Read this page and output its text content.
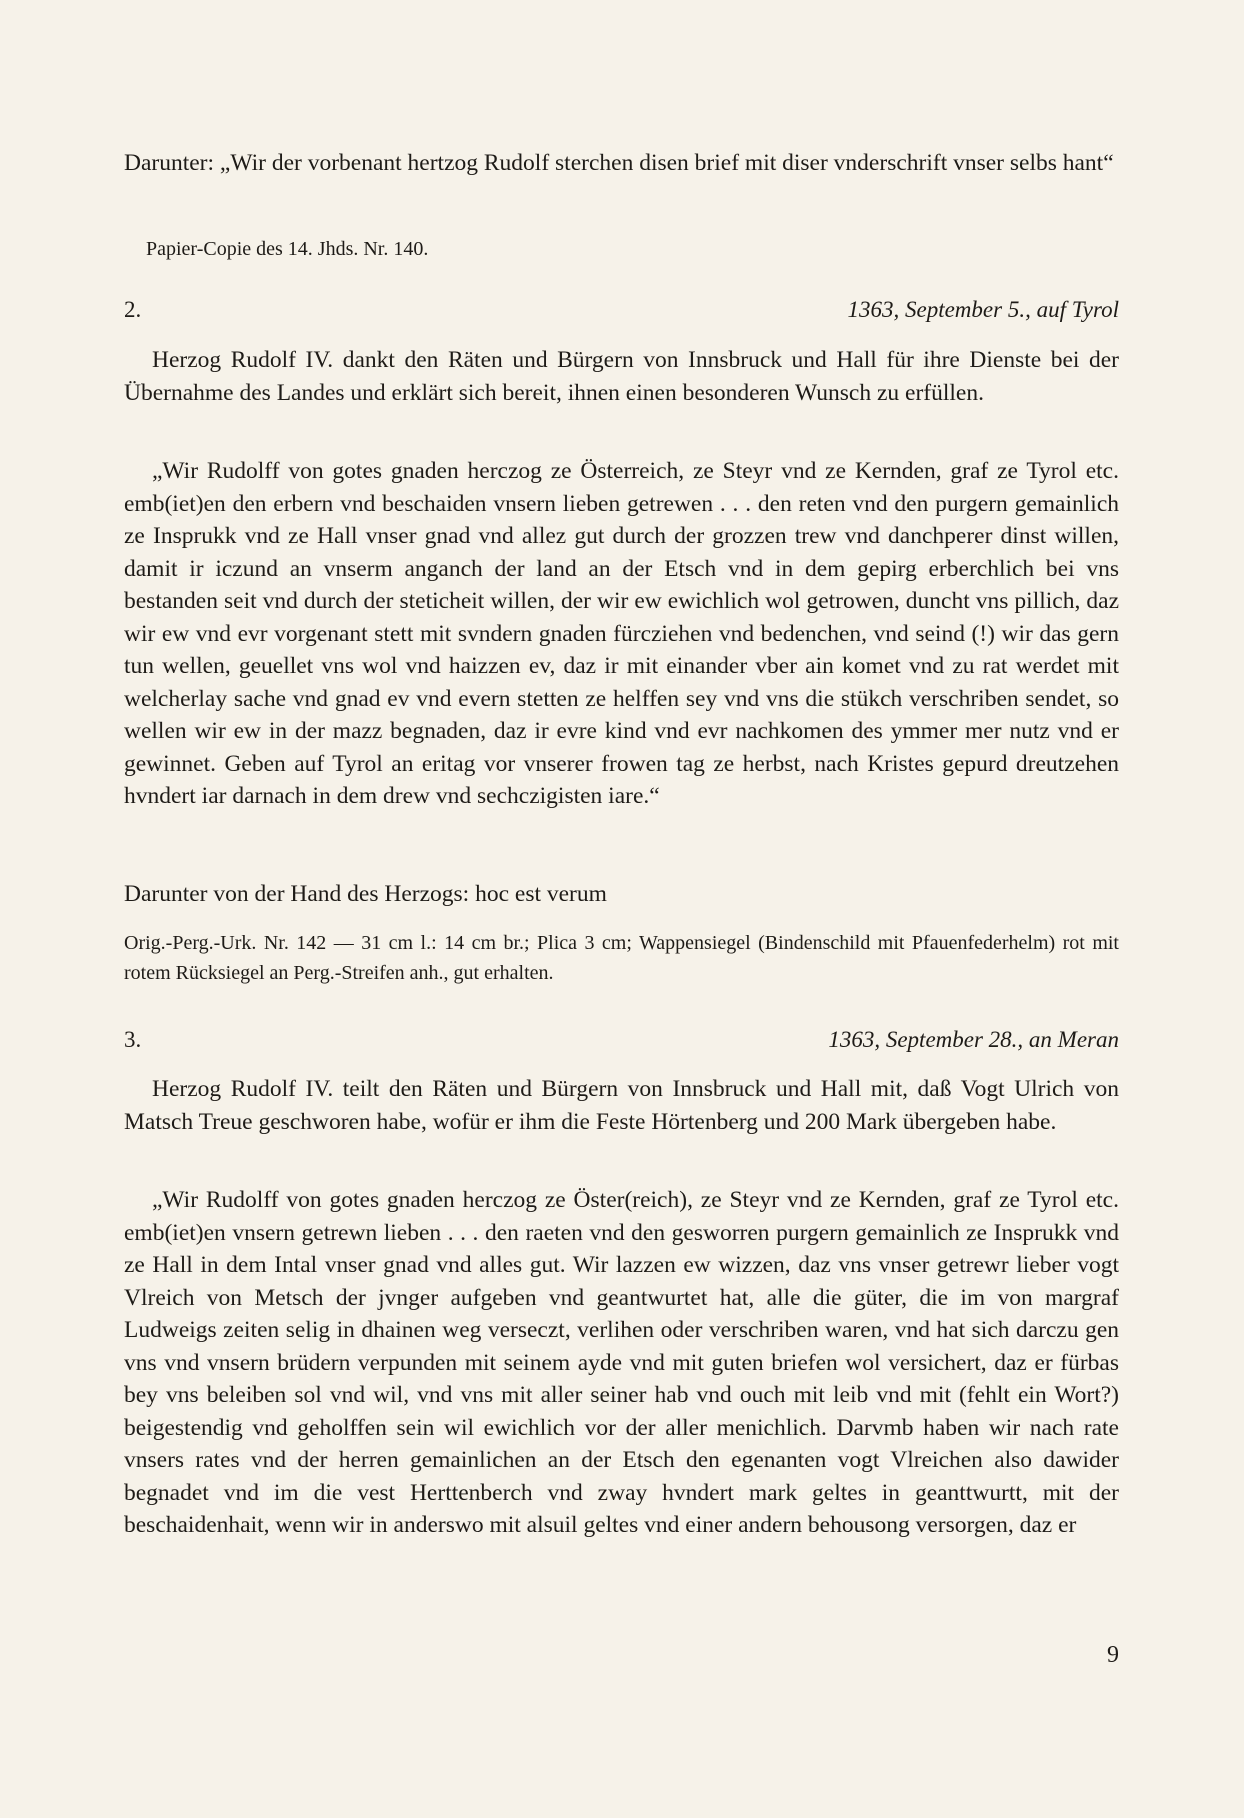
Darunter: „Wir der vorbenant hertzog Rudolf sterchen disen brief mit diser vnderschrift vnser selbs hant“
Papier-Copie des 14. Jhds. Nr. 140.
2.	1363, September 5., auf Tyrol
Herzog Rudolf IV. dankt den Räten und Bürgern von Innsbruck und Hall für ihre Dienste bei der Übernahme des Landes und erklärt sich bereit, ihnen einen besonderen Wunsch zu erfüllen.
„Wir Rudolff von gotes gnaden herczog ze Österreich, ze Steyr vnd ze Kernden, graf ze Tyrol etc. emb(iet)en den erbern vnd beschaiden vnsern lieben getrewen . . . den reten vnd den purgern gemainlich ze Insprukk vnd ze Hall vnser gnad vnd allez gut durch der grozzen trew vnd danchperer dinst willen, damit ir iczund an vnserm anganch der land an der Etsch vnd in dem gepirg erberchlich bei vns bestanden seit vnd durch der steticheit willen, der wir ew ewichlich wol getrowen, duncht vns pillich, daz wir ew vnd evr vorgenant stett mit svndern gnaden fürcziehen vnd bedenchen, vnd seind (!) wir das gern tun wellen, geuellet vns wol vnd haizzen ev, daz ir mit einander vber ain komet vnd zu rat werdet mit welcherlay sache vnd gnad ev vnd evern stetten ze helffen sey vnd vns die stükch verschriben sendet, so wellen wir ew in der mazz begnaden, daz ir evre kind vnd evr nachkomen des ymmer mer nutz vnd er gewinnet. Geben auf Tyrol an eritag vor vnserer frowen tag ze herbst, nach Kristes gepurd dreutzehen hvndert iar darnach in dem drew vnd sechczigisten iare.“
Darunter von der Hand des Herzogs: hoc est verum
Orig.-Perg.-Urk. Nr. 142 — 31 cm l.: 14 cm br.; Plica 3 cm; Wappensiegel (Bindenschild mit Pfauenfederhelm) rot mit rotem Rücksiegel an Perg.-Streifen anh., gut erhalten.
3.	1363, September 28., an Meran
Herzog Rudolf IV. teilt den Räten und Bürgern von Innsbruck und Hall mit, daß Vogt Ulrich von Matsch Treue geschworen habe, wofür er ihm die Feste Hörtenberg und 200 Mark übergeben habe.
„Wir Rudolff von gotes gnaden herczog ze Öster(reich), ze Steyr vnd ze Kernden, graf ze Tyrol etc. emb(iet)en vnsern getrewn lieben . . . den raeten vnd den gesworren purgern gemainlich ze Insprukk vnd ze Hall in dem Intal vnser gnad vnd alles gut. Wir lazzen ew wizzen, daz vns vnser getrewr lieber vogt Vlreich von Metsch der jvnger aufgeben vnd geantwurtet hat, alle die güter, die im von margraf Ludweigs zeiten selig in dhainen weg verseczt, verlihen oder verschriben waren, vnd hat sich darczu gen vns vnd vnsern brüdern verpunden mit seinem ayde vnd mit guten briefen wol versichert, daz er fürbas bey vns beleiben sol vnd wil, vnd vns mit aller seiner hab vnd ouch mit leib vnd mit (fehlt ein Wort?) beigestendig vnd geholffen sein wil ewichlich vor der aller menichlich. Darvmb haben wir nach rate vnsers rates vnd der herren gemainlichen an der Etsch den egenanten vogt Vlreichen also dawider begnadet vnd im die vest Herttenberch vnd zway hvndert mark geltes in geanttwurtt, mit der beschaidenhait, wenn wir in anderswo mit alsuil geltes vnd einer andern behousong versorgen, daz er
9
